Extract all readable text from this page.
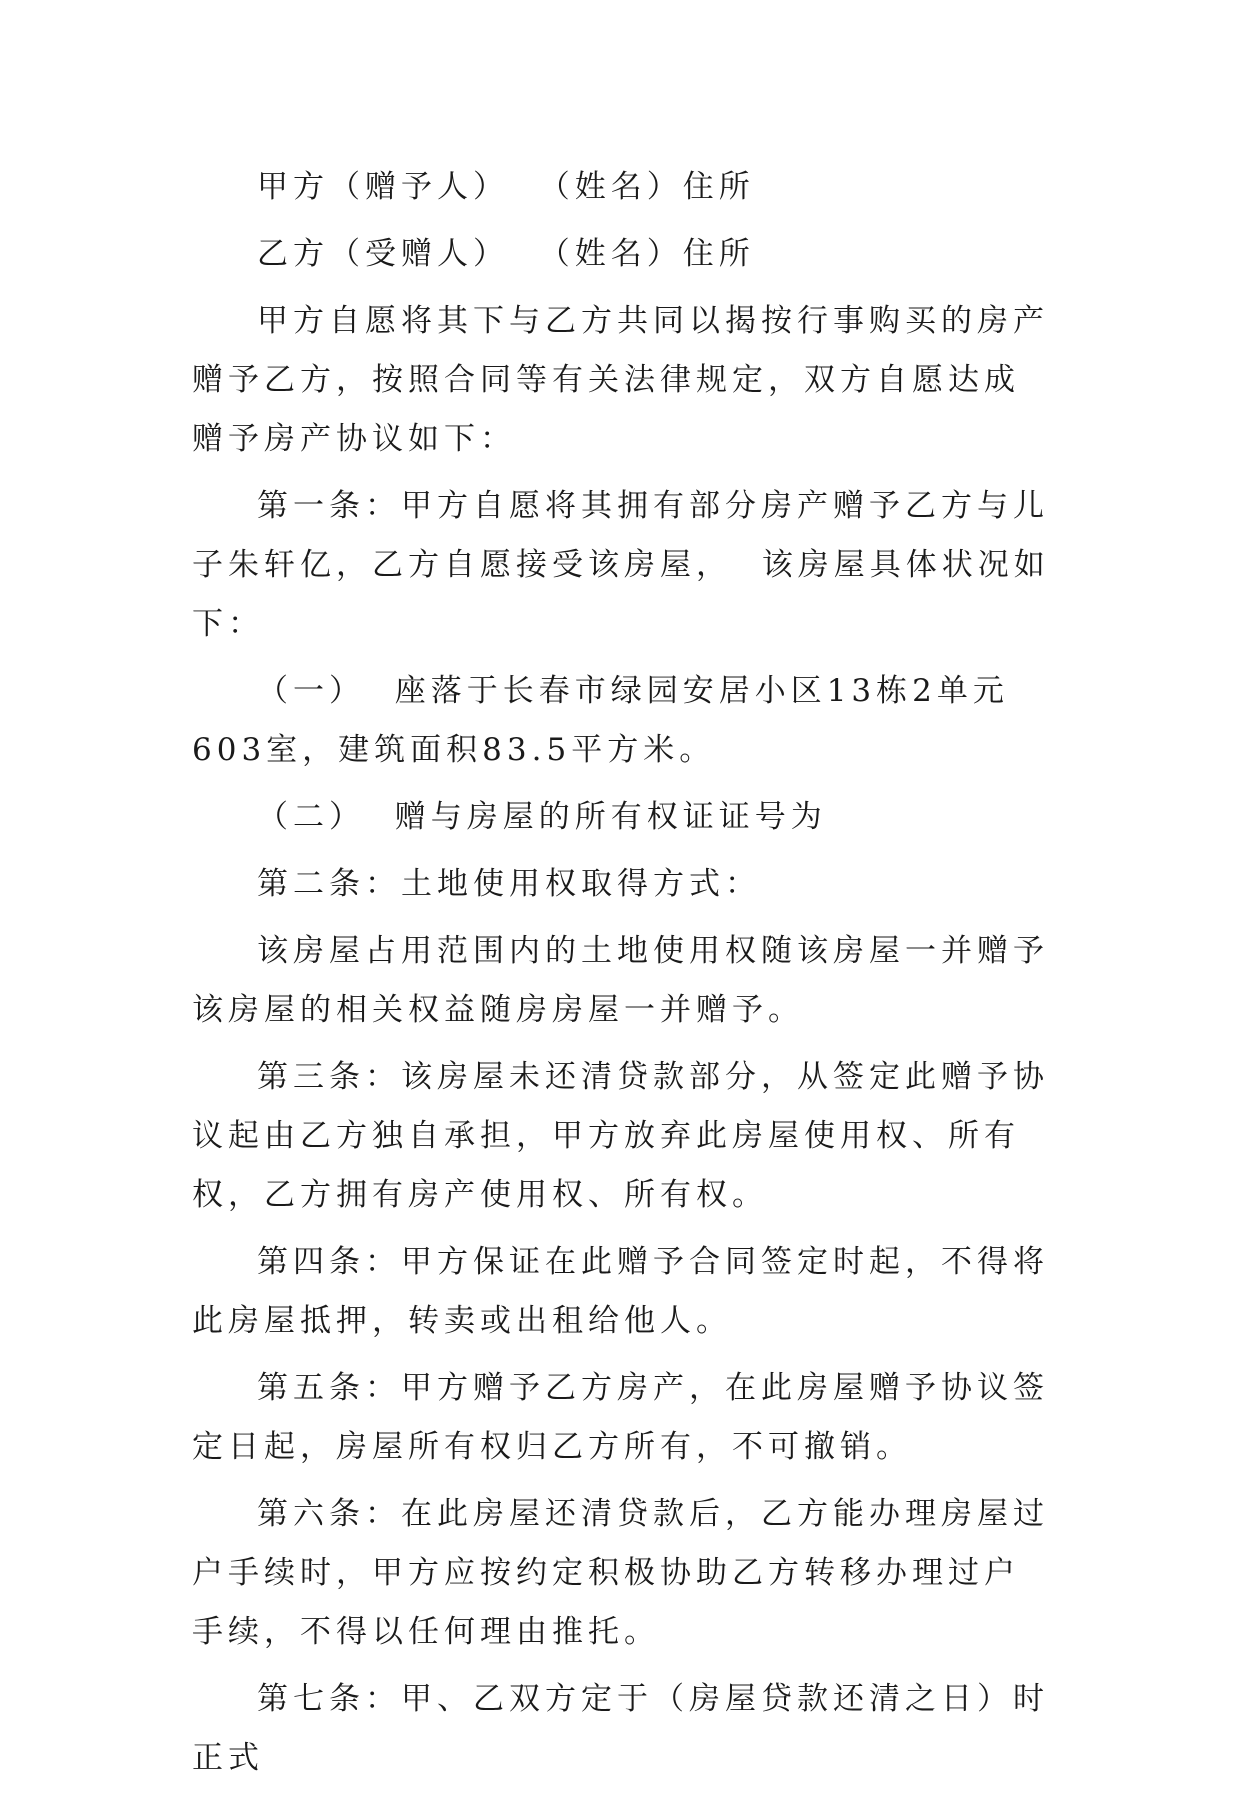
甲方（赠予人）  （姓名）住所

乙方（受赠人）  （姓名）住所

甲方自愿将其下与乙方共同以揭按行事购买的房产赠予乙方，按照合同等有关法律规定，双方自愿达成赠予房产协议如下：

第一条：甲方自愿将其拥有部分房产赠予乙方与儿子朱轩亿，乙方自愿接受该房屋，  该房屋具体状况如下：

（一）  座落于长春市绿园安居小区13栋2单元603室，建筑面积83.5平方米。

（二）  赠与房屋的所有权证证号为

第二条：土地使用权取得方式：

该房屋占用范围内的土地使用权随该房屋一并赠予该房屋的相关权益随房房屋一并赠予。

第三条：该房屋未还清贷款部分，从签定此赠予协议起由乙方独自承担，甲方放弃此房屋使用权、所有权，乙方拥有房产使用权、所有权。

第四条：甲方保证在此赠予合同签定时起，不得将此房屋抵押，转卖或出租给他人。

第五条：甲方赠予乙方房产，在此房屋赠予协议签定日起，房屋所有权归乙方所有，不可撤销。

第六条：在此房屋还清贷款后，乙方能办理房屋过户手续时，甲方应按约定积极协助乙方转移办理过户手续，不得以任何理由推托。

第七条：甲、乙双方定于（房屋贷款还清之日）时正式
